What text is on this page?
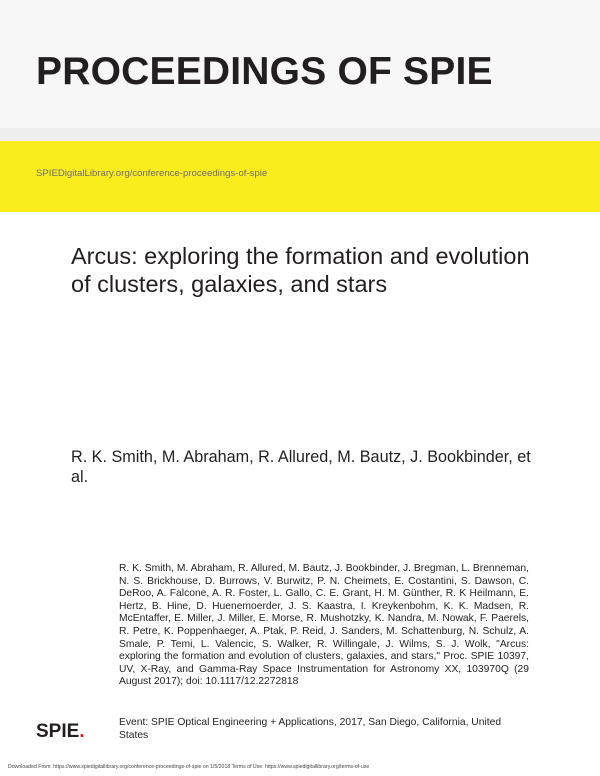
PROCEEDINGS OF SPIE
SPIEDigitalLibrary.org/conference-proceedings-of-spie
Arcus: exploring the formation and evolution of clusters, galaxies, and stars
R. K. Smith, M. Abraham, R. Allured, M. Bautz, J. Bookbinder, et al.
R. K. Smith, M. Abraham, R. Allured, M. Bautz, J. Bookbinder, J. Bregman, L. Brenneman, N. S. Brickhouse, D. Burrows, V. Burwitz, P. N. Cheimets, E. Costantini, S. Dawson, C. DeRoo, A. Falcone, A. R. Foster, L. Gallo, C. E. Grant, H. M. Günther, R. K Heilmann, E. Hertz, B. Hine, D. Huenemoerder, J. S. Kaastra, I. Kreykenbohm, K. K. Madsen, R. McEntaffer, E. Miller, J. Miller, E. Morse, R. Mushotzky, K. Nandra, M. Nowak, F. Paerels, R. Petre, K. Poppenhaeger, A. Ptak, P. Reid, J. Sanders, M. Schattenburg, N. Schulz, A. Smale, P. Temi, L. Valencic, S. Walker, R. Willingale, J. Wilms, S. J. Wolk, "Arcus: exploring the formation and evolution of clusters, galaxies, and stars," Proc. SPIE 10397, UV, X-Ray, and Gamma-Ray Space Instrumentation for Astronomy XX, 103970Q (29 August 2017); doi: 10.1117/12.2272818
SPIE.	Event: SPIE Optical Engineering + Applications, 2017, San Diego, California, United States
Downloaded From: https://www.spiedigitallibrary.org/conference-proceedings-of-spie on 1/5/2018 Terms of Use: https://www.spiedigitallibrary.org/terms-of-use
